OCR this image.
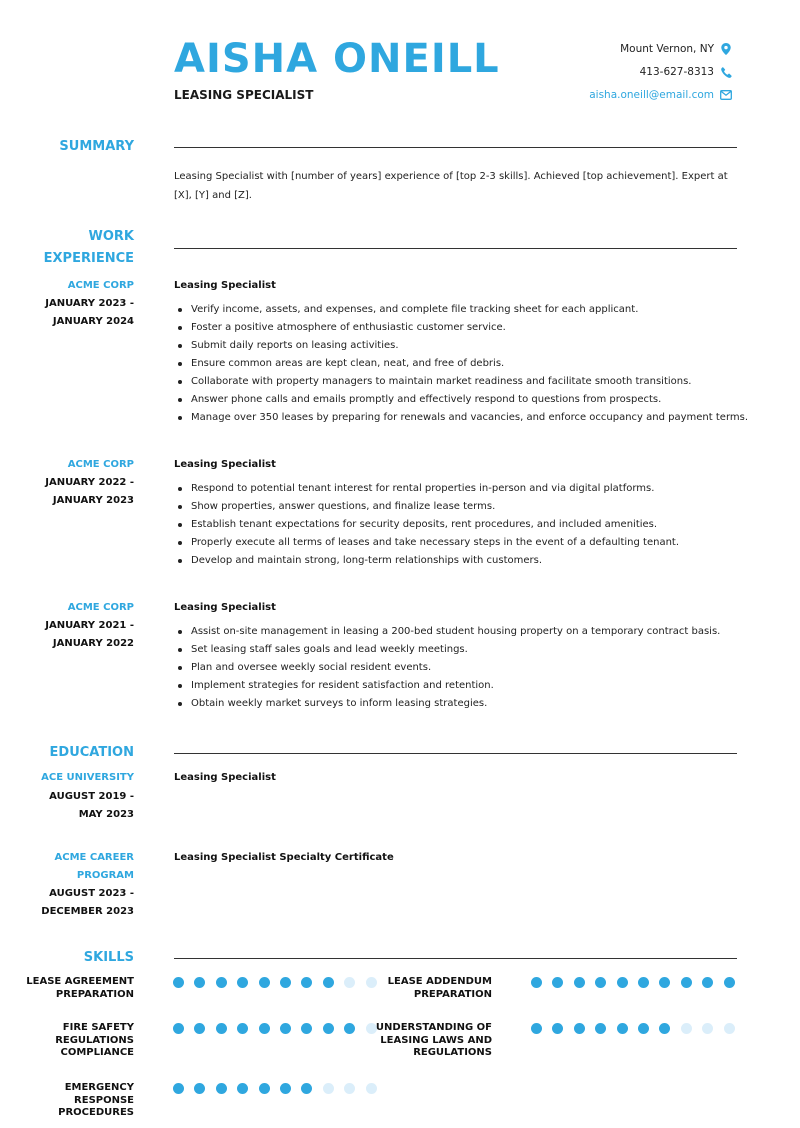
AISHA ONEILL
LEASING SPECIALIST
Mount Vernon, NY
413-627-8313
aisha.oneill@email.com
SUMMARY
Leasing Specialist with [number of years] experience of [top 2-3 skills]. Achieved [top achievement]. Expert at [X], [Y] and [Z].
WORK
EXPERIENCE
ACME CORP
JANUARY 2023 -
JANUARY 2024
Leasing Specialist
Verify income, assets, and expenses, and complete file tracking sheet for each applicant.
Foster a positive atmosphere of enthusiastic customer service.
Submit daily reports on leasing activities.
Ensure common areas are kept clean, neat, and free of debris.
Collaborate with property managers to maintain market readiness and facilitate smooth transitions.
Answer phone calls and emails promptly and effectively respond to questions from prospects.
Manage over 350 leases by preparing for renewals and vacancies, and enforce occupancy and payment terms.
ACME CORP
JANUARY 2022 -
JANUARY 2023
Leasing Specialist
Respond to potential tenant interest for rental properties in-person and via digital platforms.
Show properties, answer questions, and finalize lease terms.
Establish tenant expectations for security deposits, rent procedures, and included amenities.
Properly execute all terms of leases and take necessary steps in the event of a defaulting tenant.
Develop and maintain strong, long-term relationships with customers.
ACME CORP
JANUARY 2021 -
JANUARY 2022
Leasing Specialist
Assist on-site management in leasing a 200-bed student housing property on a temporary contract basis.
Set leasing staff sales goals and lead weekly meetings.
Plan and oversee weekly social resident events.
Implement strategies for resident satisfaction and retention.
Obtain weekly market surveys to inform leasing strategies.
EDUCATION
ACE UNIVERSITY
AUGUST 2019 -
MAY 2023
Leasing Specialist
ACME CAREER
PROGRAM
AUGUST 2023 -
DECEMBER 2023
Leasing Specialist Specialty Certificate
SKILLS
LEASE AGREEMENT
PREPARATION
LEASE ADDENDUM
PREPARATION
FIRE SAFETY
REGULATIONS
COMPLIANCE
UNDERSTANDING OF
LEASING LAWS AND
REGULATIONS
EMERGENCY
RESPONSE
PROCEDURES
